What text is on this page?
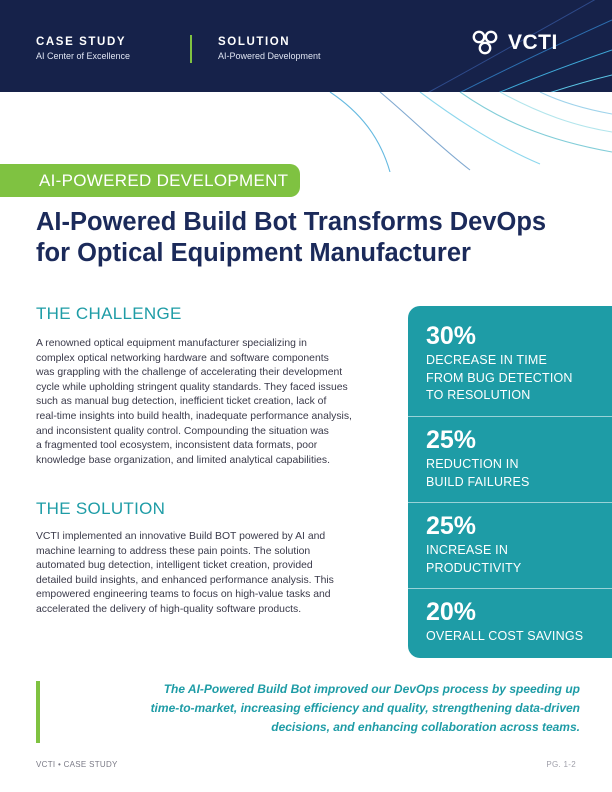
CASE STUDY
AI Center of Excellence
SOLUTION
AI-Powered Development
VCTI
AI-POWERED DEVELOPMENT
AI-Powered Build Bot Transforms DevOps
for Optical Equipment Manufacturer
THE CHALLENGE
A renowned optical equipment manufacturer specializing in
complex optical networking hardware and software components
was grappling with the challenge of accelerating their development
cycle while upholding stringent quality standards. They faced issues
such as manual bug detection, inefficient ticket creation, lack of
real-time insights into build health, inadequate performance analysis,
and inconsistent quality control. Compounding the situation was
a fragmented tool ecosystem, inconsistent data formats, poor
knowledge base organization, and limited analytical capabilities.
THE SOLUTION
VCTI implemented an innovative Build BOT powered by AI and
machine learning to address these pain points. The solution
automated bug detection, intelligent ticket creation, provided
detailed build insights, and enhanced performance analysis. This
empowered engineering teams to focus on high-value tasks and
accelerated the delivery of high-quality software products.
30%
DECREASE IN TIME
FROM BUG DETECTION
TO RESOLUTION
25%
REDUCTION IN
BUILD FAILURES
25%
INCREASE IN
PRODUCTIVITY
20%
OVERALL COST SAVINGS
The AI-Powered Build Bot improved our DevOps process by speeding up
time-to-market, increasing efficiency and quality, strengthening data-driven
decisions, and enhancing collaboration across teams.
VCTI • CASE STUDY	PG. 1-2
